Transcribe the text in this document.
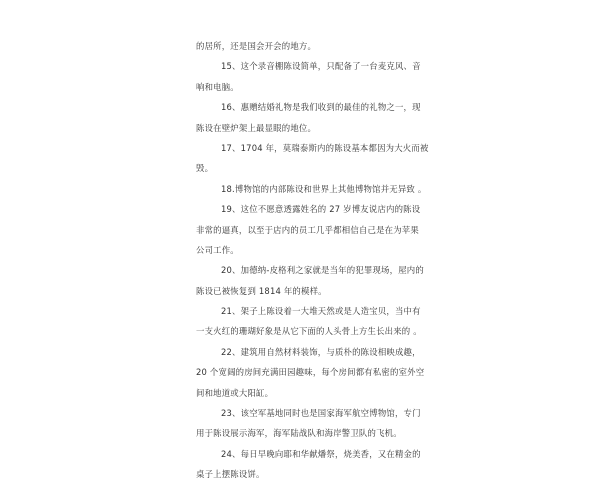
的居所，还是国会开会的地方。
15、这个录音棚陈设简单，只配备了一台麦克风、音
响和电脑。
16、惠赠结婚礼物是我们收到的最佳的礼物之一，现
陈设在壁炉架上最显眼的地位。
17、1704 年，莫瑞泰斯内的陈设基本都因为大火而被
毁。
18.博物馆的内部陈设和世界上其他博物馆并无异致 。
19、这位不愿意透露姓名的 27 岁博友说店内的陈设
非常的逼真，以至于店内的员工几乎都相信自己是在为苹果
公司工作。
20、加德纳-皮格利之家就是当年的犯罪现场，屋内的
陈设已被恢复到 1814 年的模样。
21、架子上陈设着一大堆天然或是人造宝贝，当中有
一支火红的珊瑚好象是从它下面的人头骨上方生长出来的 。
22、建筑用自然材料装饰，与质朴的陈设相映成趣，
20 个宽阔的房间充满田园趣味，每个房间都有私密的室外空
间和地道或大阳缸。
23、该空军基地同时也是国家海军航空博物馆，专门
用于陈设展示海军，海军陆战队和海岸警卫队的飞机。
24、每日早晚向耶和华献燔祭，烧美香，又在精金的
桌子上摆陈设饼。
